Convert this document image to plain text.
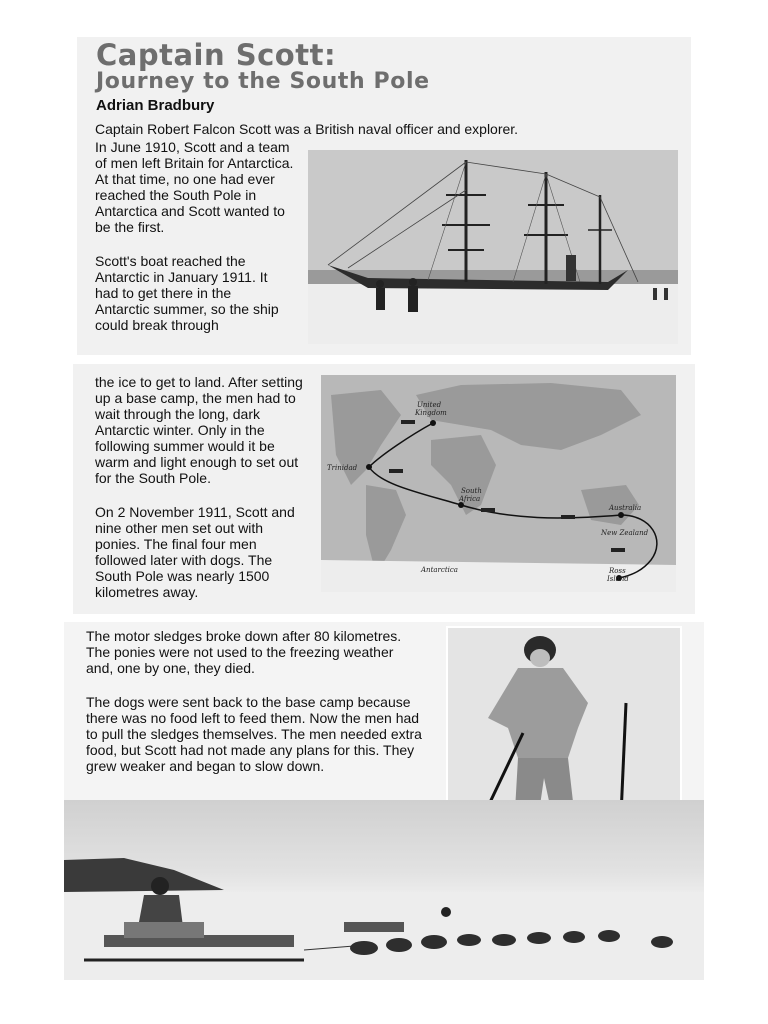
Captain Scott:
Journey to the South Pole
Adrian Bradbury

Captain Robert Falcon Scott was a British naval officer and explorer.

In June 1910, Scott and a team of men left Britain for Antarctica. At that time, no one had ever reached the South Pole in Antarctica and Scott wanted to be the first.

Scott's boat reached the Antarctic in January 1911. It had to get there in the Antarctic summer, so the ship could break through

the ice to get to land. After setting up a base camp, the men had to wait through the long, dark Antarctic winter. Only in the following summer would it be warm and light enough to set out for the South Pole.

On 2 November 1911, Scott and nine other men set out with ponies. The final four men followed later with dogs. The South Pole was nearly 1500 kilometres away.

United
Kingdom
Trinidad
South
Africa
Australia
New Zealand
Antarctica	Ross
Island

The motor sledges broke down after 80 kilometres. The ponies were not used to the freezing weather and, one by one, they died.

The dogs were sent back to the base camp because there was no food left to feed them. Now the men had to pull the sledges themselves. The men needed extra food, but Scott had not made any plans for this. They grew weaker and began to slow down.
